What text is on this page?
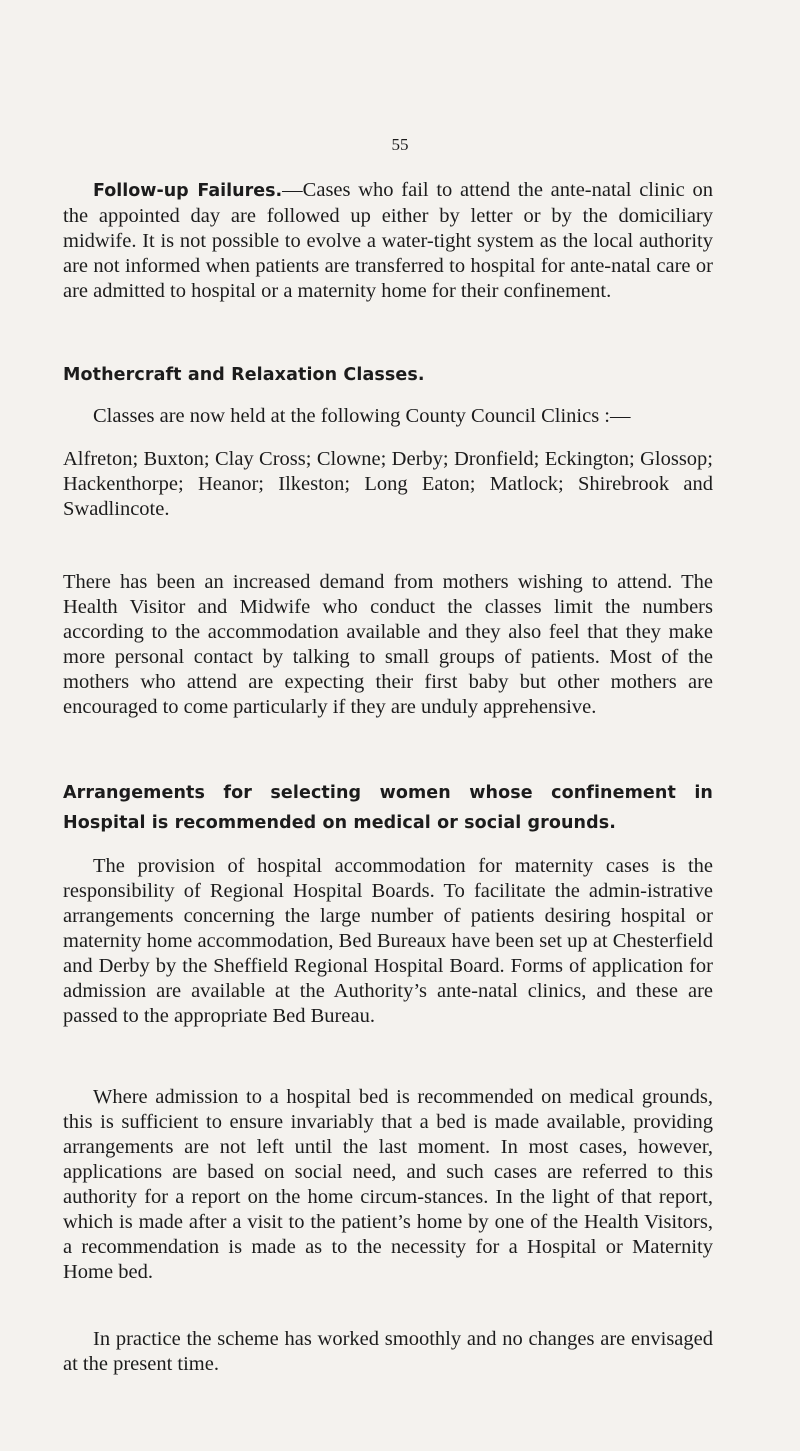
55

Follow-up Failures.—Cases who fail to attend the ante-natal clinic on the appointed day are followed up either by letter or by the domiciliary midwife. It is not possible to evolve a water-tight system as the local authority are not informed when patients are transferred to hospital for ante-natal care or are admitted to hospital or a maternity home for their confinement.

Mothercraft and Relaxation Classes.

Classes are now held at the following County Council Clinics :—

Alfreton; Buxton; Clay Cross; Clowne; Derby; Dronfield; Eckington; Glossop; Hackenthorpe; Heanor; Ilkeston; Long Eaton; Matlock; Shirebrook and Swadlincote.

There has been an increased demand from mothers wishing to attend. The Health Visitor and Midwife who conduct the classes limit the numbers according to the accommodation available and they also feel that they make more personal contact by talking to small groups of patients. Most of the mothers who attend are expecting their first baby but other mothers are encouraged to come particularly if they are unduly apprehensive.

Arrangements for selecting women whose confinement in Hospital is recommended on medical or social grounds.

The provision of hospital accommodation for maternity cases is the responsibility of Regional Hospital Boards. To facilitate the admin-istrative arrangements concerning the large number of patients desiring hospital or maternity home accommodation, Bed Bureaux have been set up at Chesterfield and Derby by the Sheffield Regional Hospital Board. Forms of application for admission are available at the Authority’s ante-natal clinics, and these are passed to the appropriate Bed Bureau.

Where admission to a hospital bed is recommended on medical grounds, this is sufficient to ensure invariably that a bed is made available, providing arrangements are not left until the last moment. In most cases, however, applications are based on social need, and such cases are referred to this authority for a report on the home circum-stances. In the light of that report, which is made after a visit to the patient’s home by one of the Health Visitors, a recommendation is made as to the necessity for a Hospital or Maternity Home bed.

In practice the scheme has worked smoothly and no changes are envisaged at the present time.
